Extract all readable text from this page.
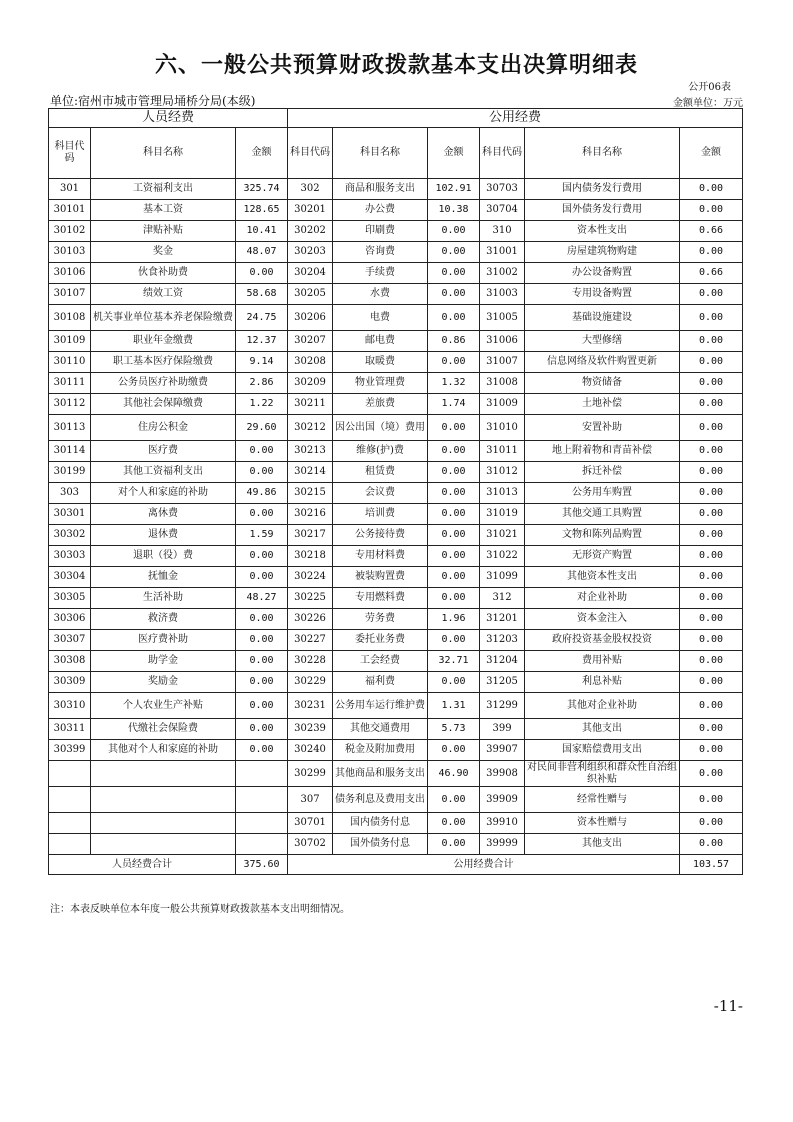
六、一般公共预算财政拨款基本支出决算明细表
公开06表
单位:宿州市城市管理局埇桥分局(本级)	金额单位：万元
人员经费			公用经费					
科目代码	科目名称	金额	科目代码	科目名称	金额	科目代码	科目名称	金额
301	工资福利支出	325.74	302	商品和服务支出	102.91	30703	国内债务发行费用	0.00
30101	基本工资	128.65	30201	办公费	10.38	30704	国外债务发行费用	0.00
30102	津贴补贴	10.41	30202	印刷费	0.00	310	资本性支出	0.66
30103	奖金	48.07	30203	咨询费	0.00	31001	房屋建筑物购建	0.00
30106	伙食补助费	0.00	30204	手续费	0.00	31002	办公设备购置	0.66
30107	绩效工资	58.68	30205	水费	0.00	31003	专用设备购置	0.00
30108	机关事业单位基本养老保险缴费	24.75	30206	电费	0.00	31005	基础设施建设	0.00
30109	职业年金缴费	12.37	30207	邮电费	0.86	31006	大型修缮	0.00
30110	职工基本医疗保险缴费	9.14	30208	取暖费	0.00	31007	信息网络及软件购置更新	0.00
30111	公务员医疗补助缴费	2.86	30209	物业管理费	1.32	31008	物资储备	0.00
30112	其他社会保障缴费	1.22	30211	差旅费	1.74	31009	土地补偿	0.00
30113	住房公积金	29.60	30212	因公出国（境）费用	0.00	31010	安置补助	0.00
30114	医疗费	0.00	30213	维修(护)费	0.00	31011	地上附着物和青苗补偿	0.00
30199	其他工资福利支出	0.00	30214	租赁费	0.00	31012	拆迁补偿	0.00
303	对个人和家庭的补助	49.86	30215	会议费	0.00	31013	公务用车购置	0.00
30301	离休费	0.00	30216	培训费	0.00	31019	其他交通工具购置	0.00
30302	退休费	1.59	30217	公务接待费	0.00	31021	文物和陈列品购置	0.00
30303	退职（役）费	0.00	30218	专用材料费	0.00	31022	无形资产购置	0.00
30304	抚恤金	0.00	30224	被装购置费	0.00	31099	其他资本性支出	0.00
30305	生活补助	48.27	30225	专用燃料费	0.00	312	对企业补助	0.00
30306	救济费	0.00	30226	劳务费	1.96	31201	资本金注入	0.00
30307	医疗费补助	0.00	30227	委托业务费	0.00	31203	政府投资基金股权投资	0.00
30308	助学金	0.00	30228	工会经费	32.71	31204	费用补贴	0.00
30309	奖励金	0.00	30229	福利费	0.00	31205	利息补贴	0.00
30310	个人农业生产补贴	0.00	30231	公务用车运行维护费	1.31	31299	其他对企业补助	0.00
30311	代缴社会保险费	0.00	30239	其他交通费用	5.73	399	其他支出	0.00
30399	其他对个人和家庭的补助	0.00	30240	税金及附加费用	0.00	39907	国家赔偿费用支出	0.00
			30299	其他商品和服务支出	46.90	39908	对民间非营利组织和群众性自治组织补贴	0.00
			307	债务利息及费用支出	0.00	39909	经常性赠与	0.00
			30701	国内债务付息	0.00	39910	资本性赠与	0.00
			30702	国外债务付息	0.00	39999	其他支出	0.00
人员经费合计		375.60	公用经费合计					103.57
注：本表反映单位本年度一般公共预算财政拨款基本支出明细情况。
-11-
